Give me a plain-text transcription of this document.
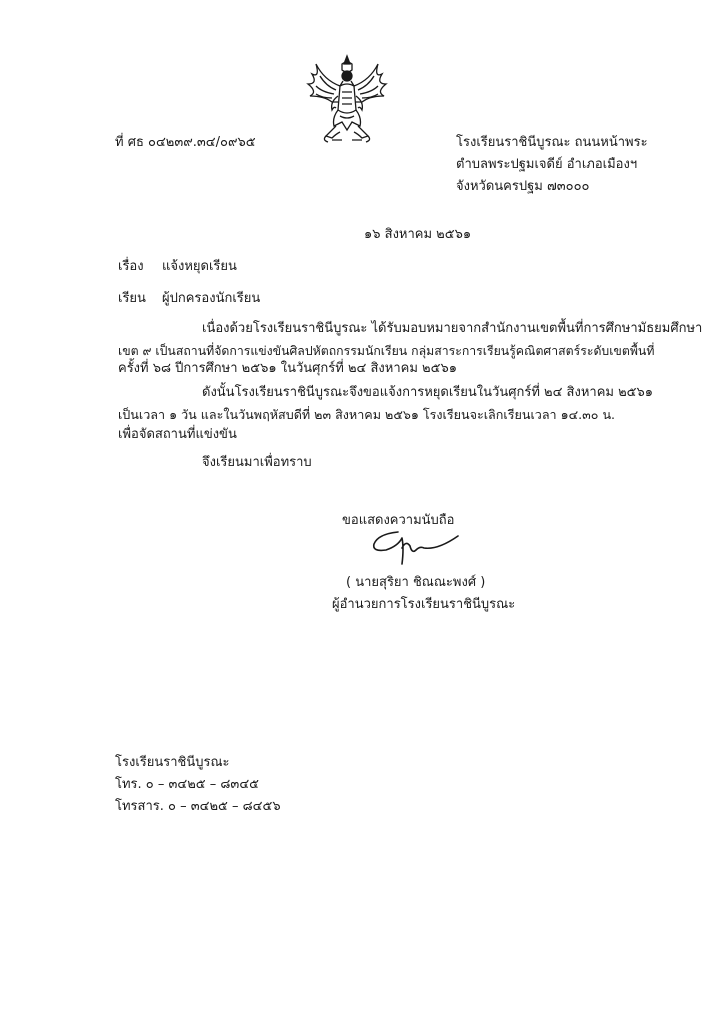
ที่ ศธ ๐๔๒๓๙.๓๔/๐๙๖๕	โรงเรียนราชินีบูรณะ ถนนหน้าพระ
ตำบลพระปฐมเจดีย์ อำเภอเมืองฯ
จังหวัดนครปฐม ๗๓๐๐๐
๑๖ สิงหาคม ๒๕๖๑
เรื่อง แจ้งหยุดเรียน
เรียน ผู้ปกครองนักเรียน
เนื่องด้วยโรงเรียนราชินีบูรณะ ได้รับมอบหมายจากสำนักงานเขตพื้นที่การศึกษามัธยมศึกษา
เขต ๙ เป็นสถานที่จัดการแข่งขันศิลปหัตถกรรมนักเรียน กลุ่มสาระการเรียนรู้คณิตศาสตร์ระดับเขตพื้นที่
ครั้งที่ ๖๘ ปีการศึกษา ๒๕๖๑ ในวันศุกร์ที่ ๒๔ สิงหาคม ๒๕๖๑
ดังนั้นโรงเรียนราชินีบูรณะจึงขอแจ้งการหยุดเรียนในวันศุกร์ที่ ๒๔ สิงหาคม ๒๕๖๑
เป็นเวลา ๑ วัน และในวันพฤหัสบดีที่ ๒๓ สิงหาคม ๒๕๖๑ โรงเรียนจะเลิกเรียนเวลา ๑๔.๓๐ น.
เพื่อจัดสถานที่แข่งขัน
จึงเรียนมาเพื่อทราบ
ขอแสดงความนับถือ
( นายสุริยา ชิณณะพงศ์ )
ผู้อำนวยการโรงเรียนราชินีบูรณะ
โรงเรียนราชินีบูรณะ
โทร. ๐ – ๓๔๒๕ – ๘๓๔๕
โทรสาร. ๐ – ๓๔๒๕ – ๘๔๕๖
